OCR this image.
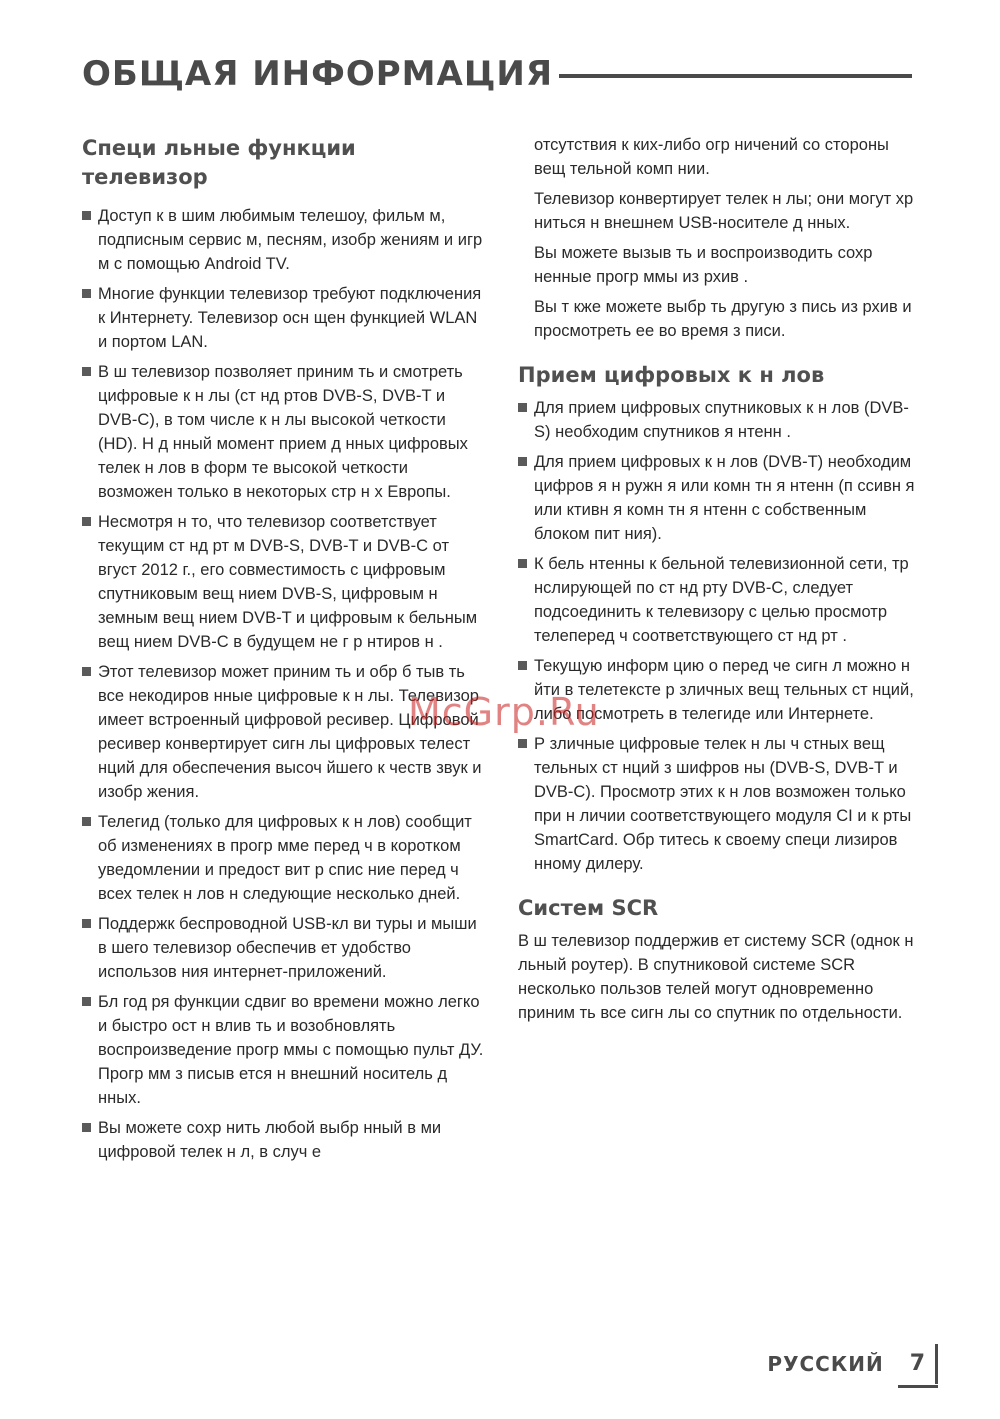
ОБЩАЯ ИНФОРМАЦИЯ
Специ льные функции телевизор
Доступ к в шим любимым телешоу, фильм м, подписным сервис м, песням, изобр жениям и игр м с помощью Android TV.
Многие функции телевизор требуют подключения к Интернету. Телевизор осн щен функцией WLAN и портом LAN.
В ш телевизор позволяет приним ть и смотреть цифровые к н лы (ст нд ртов DVB-S, DVB-T и DVB-C), в том числе к н лы высокой четкости (HD). Н д нный момент прием д нных цифровых телек н лов в форм те высокой четкости возможен только в некоторых стр н х Европы.
Несмотря н то, что телевизор соответствует текущим ст нд рт м DVB-S, DVB-T и DVB-C от вгуст 2012 г., его совместимость с цифровым спутниковым вещ нием DVB-S, цифровым н земным вещ нием DVB-T и цифровым к бельным вещ нием DVB-C в будущем не г р нтиров н .
Этот телевизор может приним ть и обр б тыв ть все некодиров нные цифровые к н лы. Телевизор имеет встроенный цифровой ресивер. Цифровой ресивер конвертирует сигн лы цифровых телест нций для обеспечения высоч йшего к честв звук и изобр жения.
Телегид (только для цифровых к н лов) сообщит об изменениях в прогр мме перед ч в коротком уведомлении и предост вит р спис ние перед ч всех телек н лов н следующие несколько дней.
Поддержк беспроводной USB-кл ви туры и мыши в шего телевизор обеспечив ет удобство использов ния интернет-приложений.
Бл год ря функции сдвиг во времени можно легко и быстро ост н влив ть и возобновлять воспроизведение прогр ммы с помощью пульт ДУ. Прогр мм з писыв ется н внешний носитель д нных.
Вы можете сохр нить любой выбр нный в ми цифровой телек н л, в случ е

отсутствия к ких-либо огр ничений со стороны вещ тельной комп нии.

Телевизор конвертирует телек н лы; они могут хр ниться н внешнем USB-носителе д нных.

Вы можете вызыв ть и воспроизводить сохр ненные прогр ммы из рхив .

Вы т кже можете выбр ть другую з пись из рхив и просмотреть ее во время з писи.

Прием цифровых к н лов
Для прием цифровых спутниковых к н лов (DVB-S) необходим спутников я нтенн .
Для прием цифровых к н лов (DVB-T) необходим цифров я н ружн я или комн тн я нтенн (п ссивн я или ктивн я комн тн я нтенн с собственным блоком пит ния).
К бель нтенны к бельной телевизионной сети, тр нслирующей по ст нд рту DVB-C, следует подсоединить к телевизору с целью просмотр телеперед ч соответствующего ст нд рт .
Текущую информ цию о перед че сигн л можно н йти в телетексте р зличных вещ тельных ст нций, либо посмотреть в телегиде или Интернете.
Р зличные цифровые телек н лы ч стных вещ тельных ст нций з шифров ны (DVB-S, DVB-T и DVB-C). Просмотр этих к н лов возможен только при н личии соответствующего модуля CI и к рты SmartCard. Обр титесь к своему специ лизиров нному дилеру.
Систем SCR

В ш телевизор поддержив ет систему SCR (однок н льный роутер). В спутниковой системе SCR несколько пользов телей могут одновременно приним ть все сигн лы со спутник по отдельности.

McGrp.Ru
РУССКИЙ 7
